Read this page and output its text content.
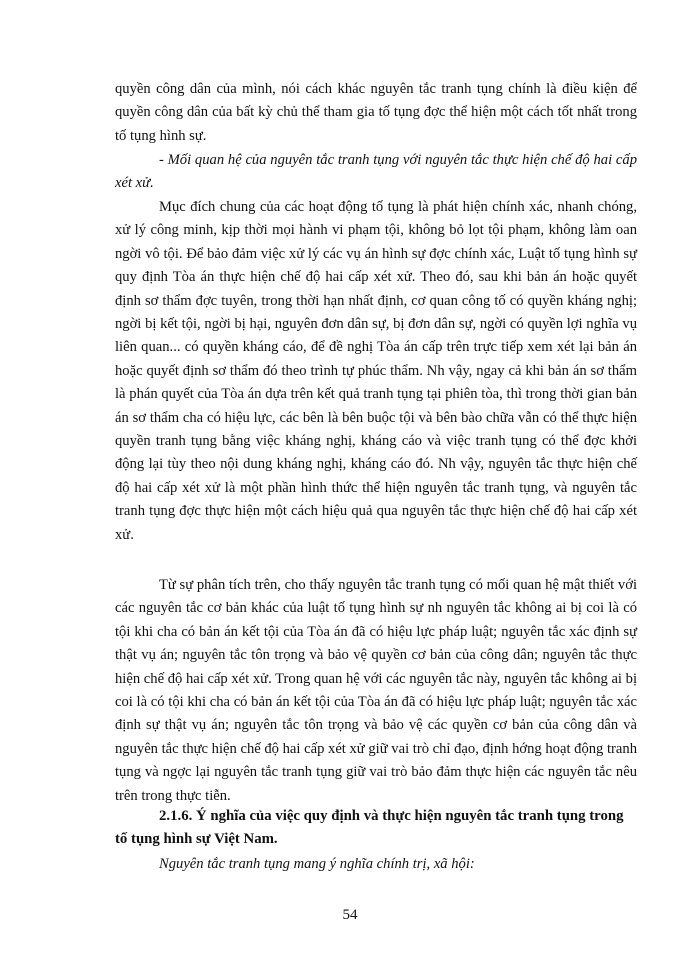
quyền công dân của mình, nói cách khác nguyên tắc tranh tụng chính là điều kiện để quyền công dân của bất kỳ chủ thể tham gia tố tụng đợc thể hiện một cách tốt nhất trong tố tụng hình sự.

- Mối quan hệ của nguyên tắc tranh tụng với nguyên tắc thực hiện chế độ hai cấp xét xử.

Mục đích chung của các hoạt động tố tụng là phát hiện chính xác, nhanh chóng, xử lý công minh, kịp thời mọi hành vi phạm tội, không bỏ lọt tội phạm, không làm oan ngời vô tội. Để bảo đảm việc xử lý các vụ án hình sự đợc chính xác, Luật tố tụng hình sự quy định Tòa án thực hiện chế độ hai cấp xét xử. Theo đó, sau khi bản án hoặc quyết định sơ thẩm đợc tuyên, trong thời hạn nhất định, cơ quan công tố có quyền kháng nghị; ngời bị kết tội, ngời bị hại, nguyên đơn dân sự, bị đơn dân sự, ngời có quyền lợi nghĩa vụ liên quan... có quyền kháng cáo, để đề nghị Tòa án cấp trên trực tiếp xem xét lại bản án hoặc quyết định sơ thẩm đó theo trình tự phúc thẩm. Nh vậy, ngay cả khi bản án sơ thẩm là phán quyết của Tòa án dựa trên kết quả tranh tụng tại phiên tòa, thì trong thời gian bản án sơ thẩm cha có hiệu lực, các bên là bên buộc tội và bên bào chữa vẫn có thể thực hiện quyền tranh tụng bằng việc kháng nghị, kháng cáo và việc tranh tụng có thể đợc khởi động lại tùy theo nội dung kháng nghị, kháng cáo đó. Nh vậy, nguyên tắc thực hiện chế độ hai cấp xét xử là một phần hình thức thể hiện nguyên tắc tranh tụng, và nguyên tắc tranh tụng đợc thực hiện một cách hiệu quả qua nguyên tắc thực hiện chế độ hai cấp xét xử.

Từ sự phân tích trên, cho thấy nguyên tắc tranh tụng có mối quan hệ mật thiết với các nguyên tắc cơ bản khác của luật tố tụng hình sự nh nguyên tắc không ai bị coi là có tội khi cha có bản án kết tội của Tòa án đã có hiệu lực pháp luật; nguyên tắc xác định sự thật vụ án; nguyên tắc tôn trọng và bảo vệ quyền cơ bản của công dân; nguyên tắc thực hiện chế độ hai cấp xét xử. Trong quan hệ với các nguyên tắc này, nguyên tắc không ai bị coi là có tội khi cha có bản án kết tội của Tòa án đã có hiệu lực pháp luật; nguyên tắc xác định sự thật vụ án; nguyên tắc tôn trọng và bảo vệ các quyền cơ bản của công dân và nguyên tắc thực hiện chế độ hai cấp xét xử giữ vai trò chỉ đạo, định hớng hoạt động tranh tụng và ngợc lại nguyên tắc tranh tụng giữ vai trò bảo đảm thực hiện các nguyên tắc nêu trên trong thực tiễn.

2.1.6. Ý nghĩa của việc quy định và thực hiện nguyên tắc tranh tụng trong tố tụng hình sự Việt Nam.

Nguyên tắc tranh tụng mang ý nghĩa chính trị, xã hội:

54
